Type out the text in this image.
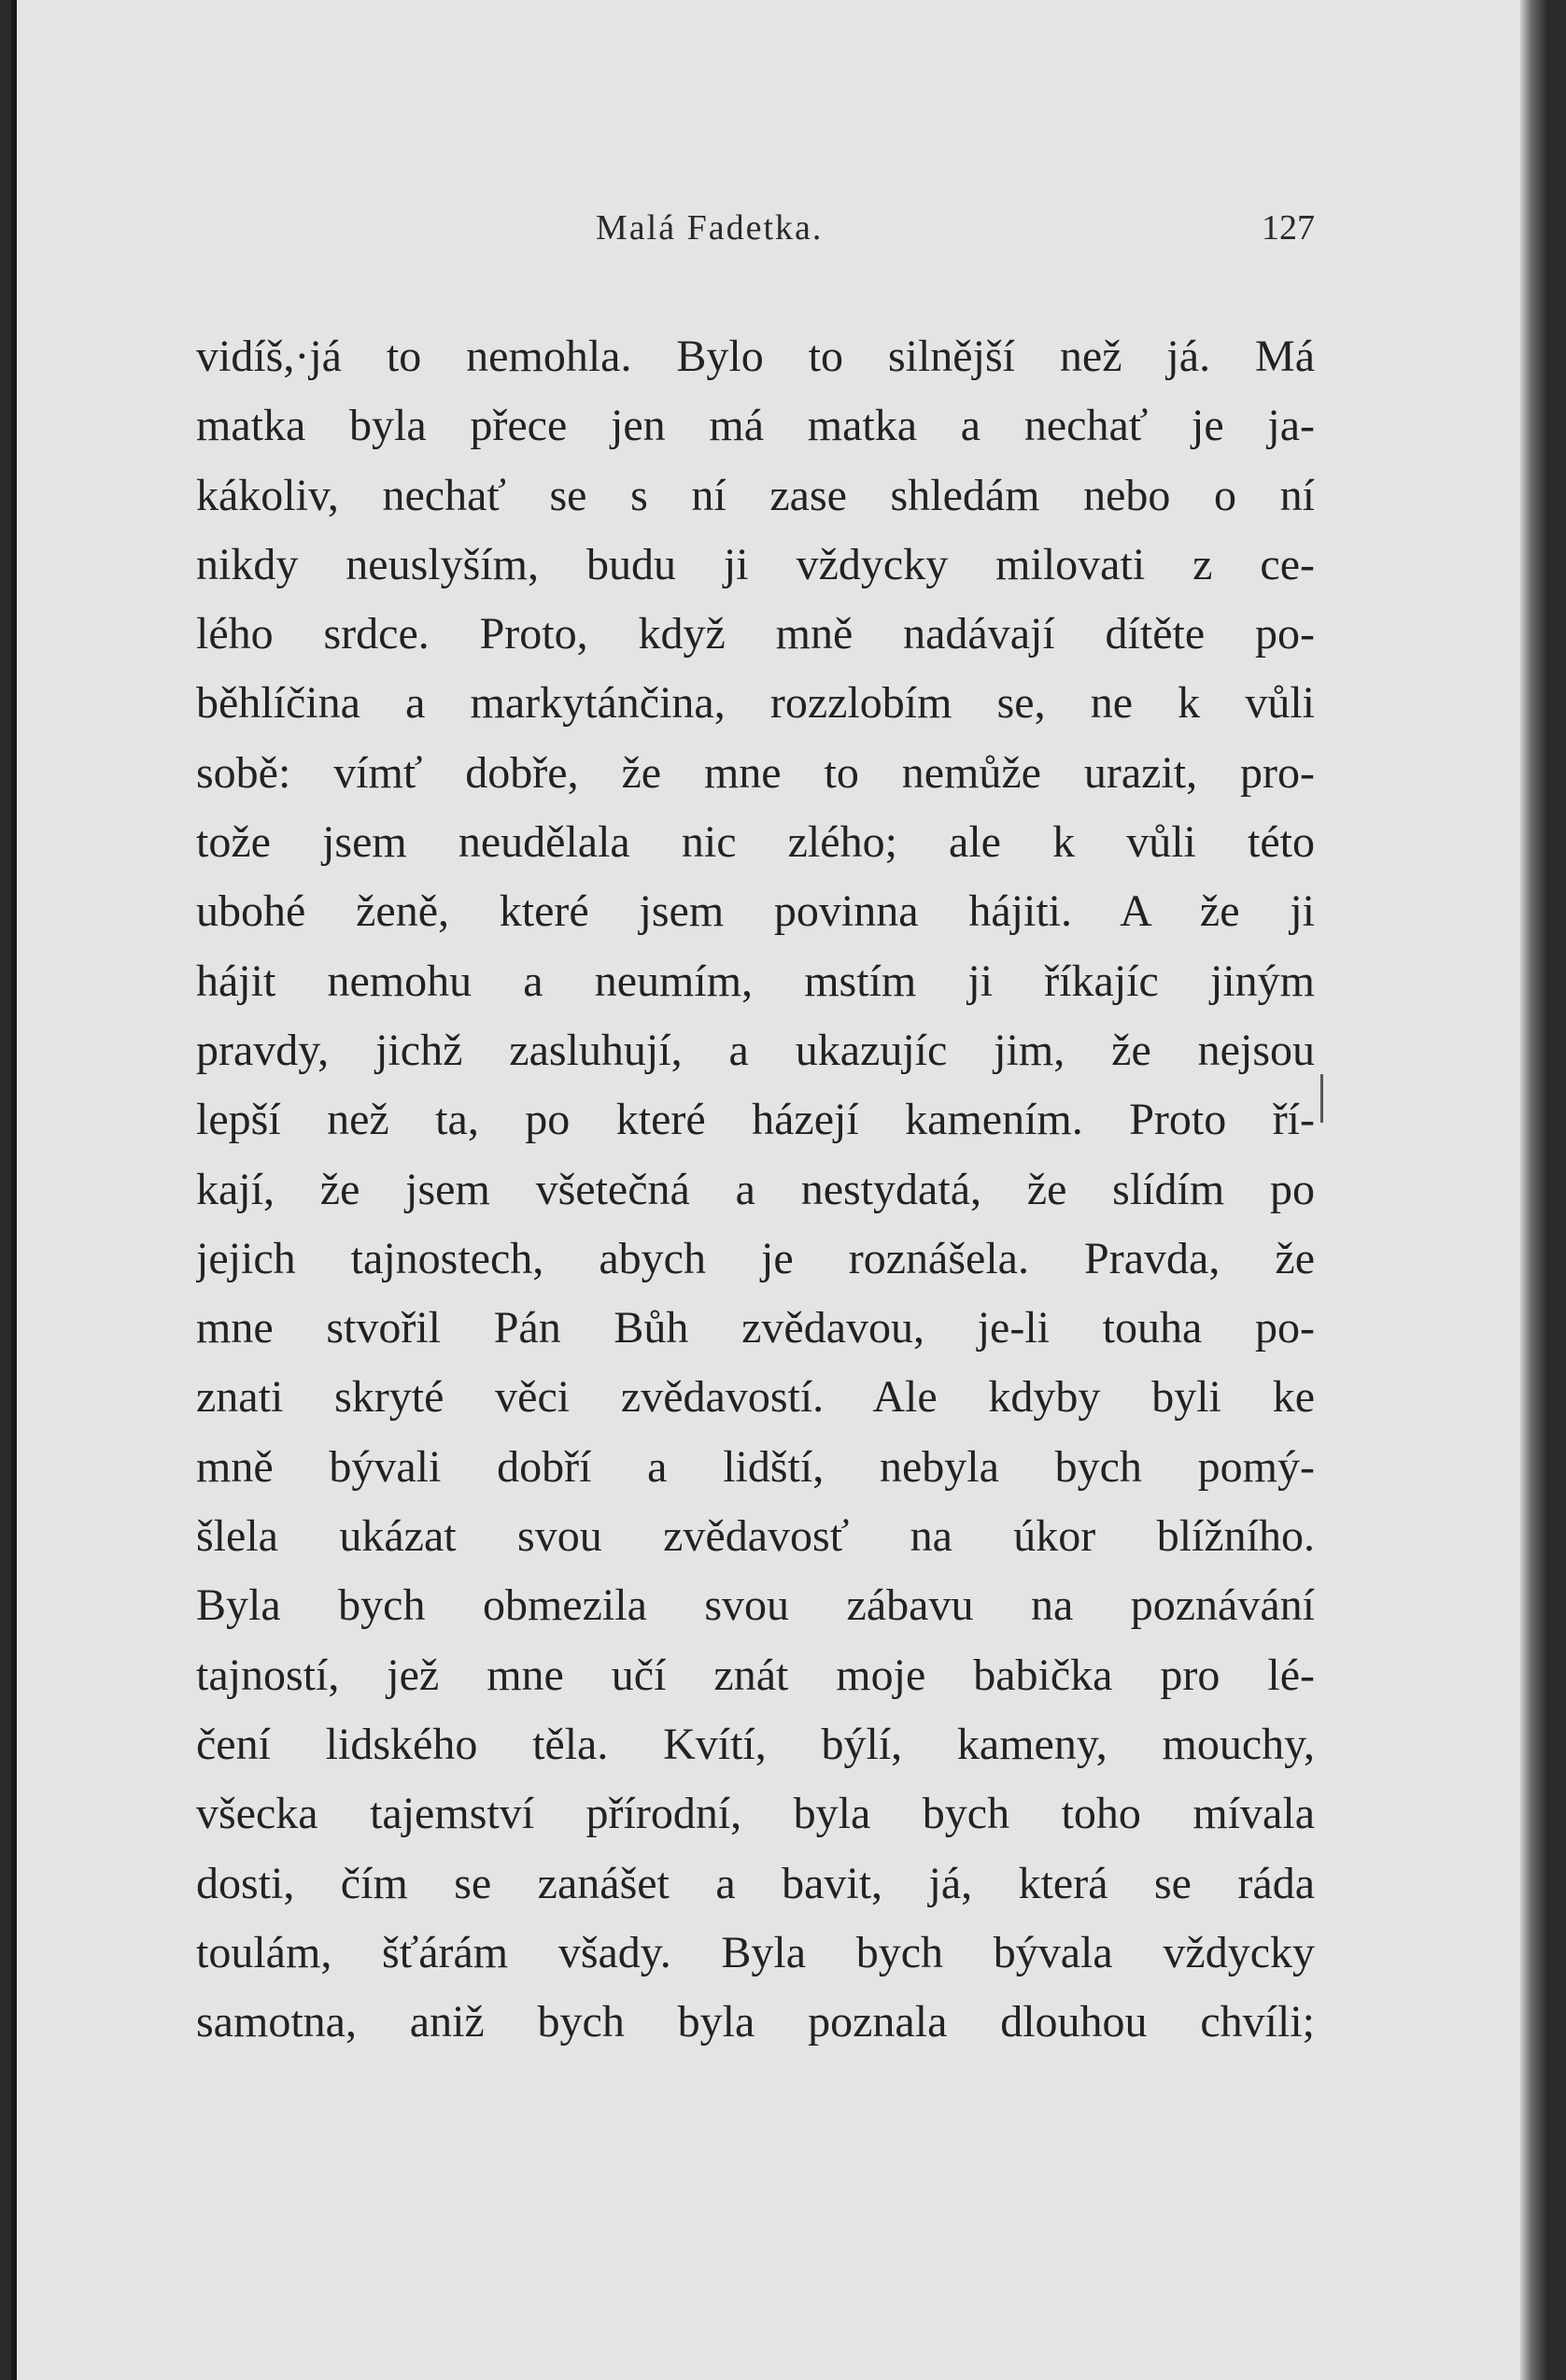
Malá Fadetka.	127
vidíš,·já to nemohla. Bylo to silnější než já. Má
matka byla přece jen má matka a nechať je ja-
kákoliv, nechať se s ní zase shledám nebo o ní
nikdy neuslyším, budu ji vždycky milovati z ce-
lého srdce. Proto, když mně nadávají dítěte po-
běhlíčina a markytánčina, rozzlobím se, ne k vůli
sobě: vímť dobře, že mne to nemůže urazit, pro-
tože jsem neudělala nic zlého; ale k vůli této
ubohé ženě, které jsem povinna hájiti. A že ji
hájit nemohu a neumím, mstím ji říkajíc jiným
pravdy, jichž zasluhují, a ukazujíc jim, že nejsou
lepší než ta, po které házejí kamením. Proto ří-
kají, že jsem všetečná a nestydatá, že slídím po
jejich tajnostech, abych je roznášela. Pravda, že
mne stvořil Pán Bůh zvědavou, je-li touha po-
znati skryté věci zvědavostí. Ale kdyby byli ke
mně bývali dobří a lidští, nebyla bych pomý-
šlela ukázat svou zvědavosť na úkor blížního.
Byla bych obmezila svou zábavu na poznávání
tajností, jež mne učí znát moje babička pro lé-
čení lidského těla. Kvítí, býlí, kameny, mouchy,
všecka tajemství přírodní, byla bych toho mívala
dosti, čím se zanášet a bavit, já, která se ráda
toulám, šťárám všady. Byla bych bývala vždycky
samotna, aniž bych byla poznala dlouhou chvíli;
